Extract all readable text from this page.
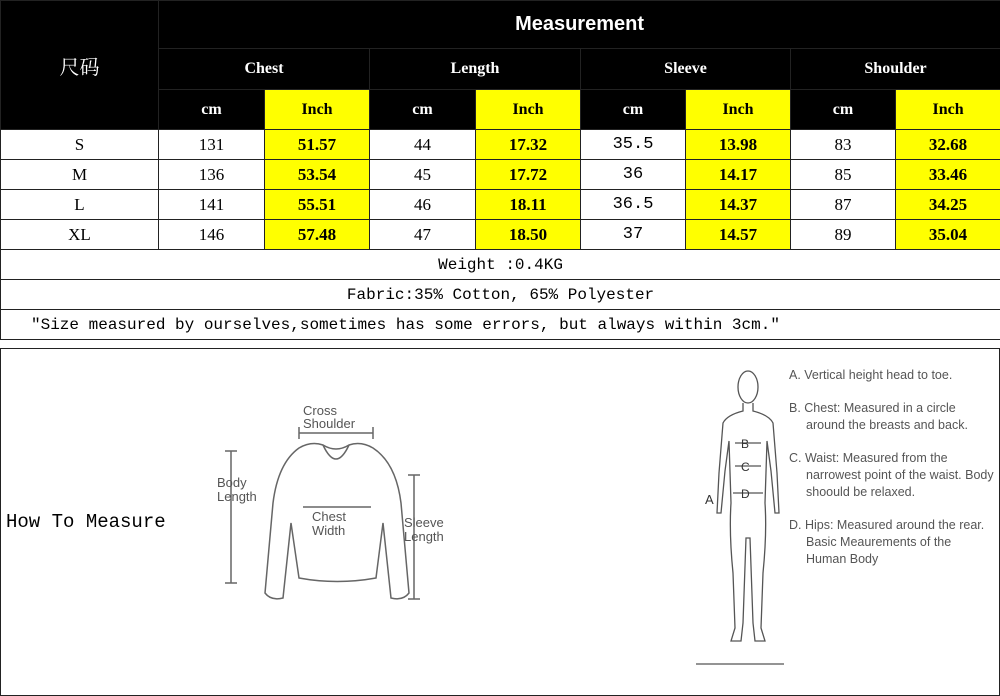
尺码	Measurement							
	Chest		Length		Sleeve		Shoulder	
	cm	Inch	cm	Inch	cm	Inch	cm	Inch
S	131	51.57	44	17.32	35.5	13.98	83	32.68
M	136	53.54	45	17.72	36	14.17	85	33.46
L	141	55.51	46	18.11	36.5	14.37	87	34.25
XL	146	57.48	47	18.50	37	14.57	89	35.04
Weight :0.4KG								
Fabric:35% Cotton, 65% Polyester								
"Size measured by ourselves,sometimes has some errors, but always within 3cm."								
How To Measure
Cross
Shoulder
Body
Length
Chest
Width
Sleeve
Length
B
C
D
A

A. Vertical height head to toe.

B. Chest: Measured in a circle around the breasts and back.

C. Waist: Measured from the narrowest point of the waist. Body shoould be relaxed.

D. Hips: Measured around the rear. Basic Meaurements of the Human Body
